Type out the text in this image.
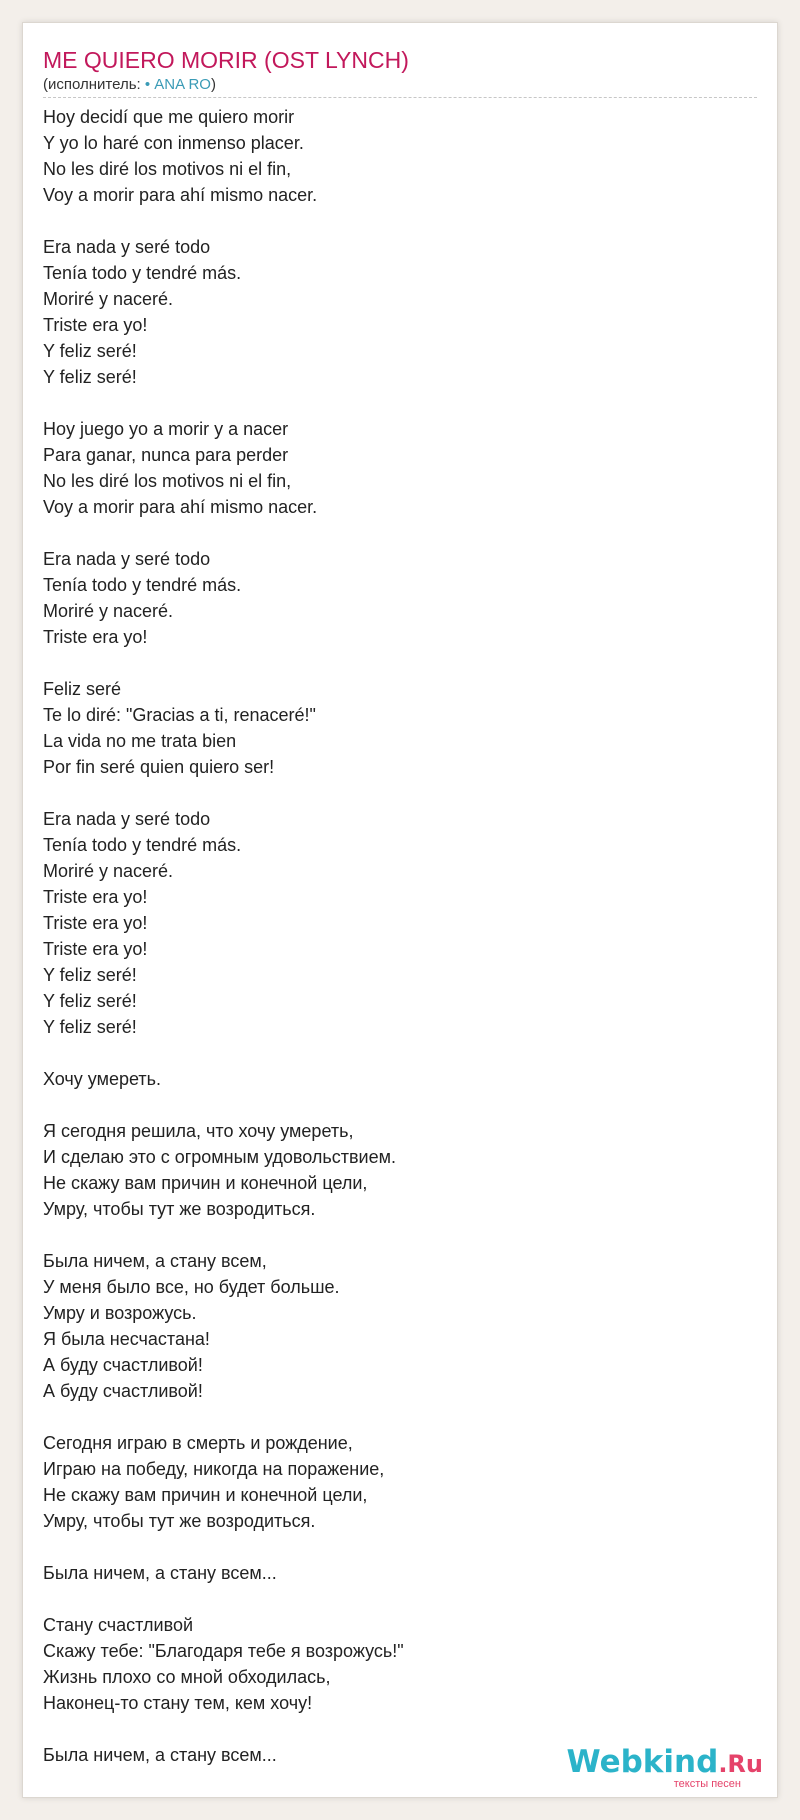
ME QUIERO MORIR (OST LYNCH)
(исполнитель: • ANA RO)
Hoy decidí que me quiero morir
Y yo lo haré con inmenso placer.
No les diré los motivos ni el fin,
Voy a morir para ahí mismo nacer.

Era nada y seré todo
Tenía todo y tendré más.
Moriré y naceré.
Triste era yo!
Y feliz seré!
Y feliz seré!

Hoy juego yo a morir y a nacer
Para ganar, nunca para perder
No les diré los motivos ni el fin,
Voy a morir para ahí mismo nacer.

Era nada y seré todo
Tenía todo y tendré más.
Moriré y naceré.
Triste era yo!

Feliz seré
Te lo diré: "Gracias a ti, renaceré!"
La vida no me trata bien
Por fin seré quien quiero ser!

Era nada y seré todo
Tenía todo y tendré más.
Moriré y naceré.
Triste era yo!
Triste era yo!
Triste era yo!
Y feliz seré!
Y feliz seré!
Y feliz seré!

Хочу умереть.

Я сегодня решила, что хочу умереть,
И сделаю это с огромным удовольствием.
Не скажу вам причин и конечной цели,
Умру, чтобы тут же возродиться.

Была ничем, а стану всем,
У меня было все, но будет больше.
Умру и возрожусь.
Я была несчастана!
А буду счастливой!
А буду счастливой!

Сегодня играю в смерть и рождение,
Играю на победу, никогда на поражение,
Не скажу вам причин и конечной цели,
Умру, чтобы тут же возродиться.

Была ничем, а стану всем...

Стану счастливой
Скажу тебе: "Благодаря тебе я возрожусь!"
Жизнь плохо со мной обходилась,
Наконец-то стану тем, кем хочу!

Была ничем, а стану всем...	Webkind.Ru
тексты песен
